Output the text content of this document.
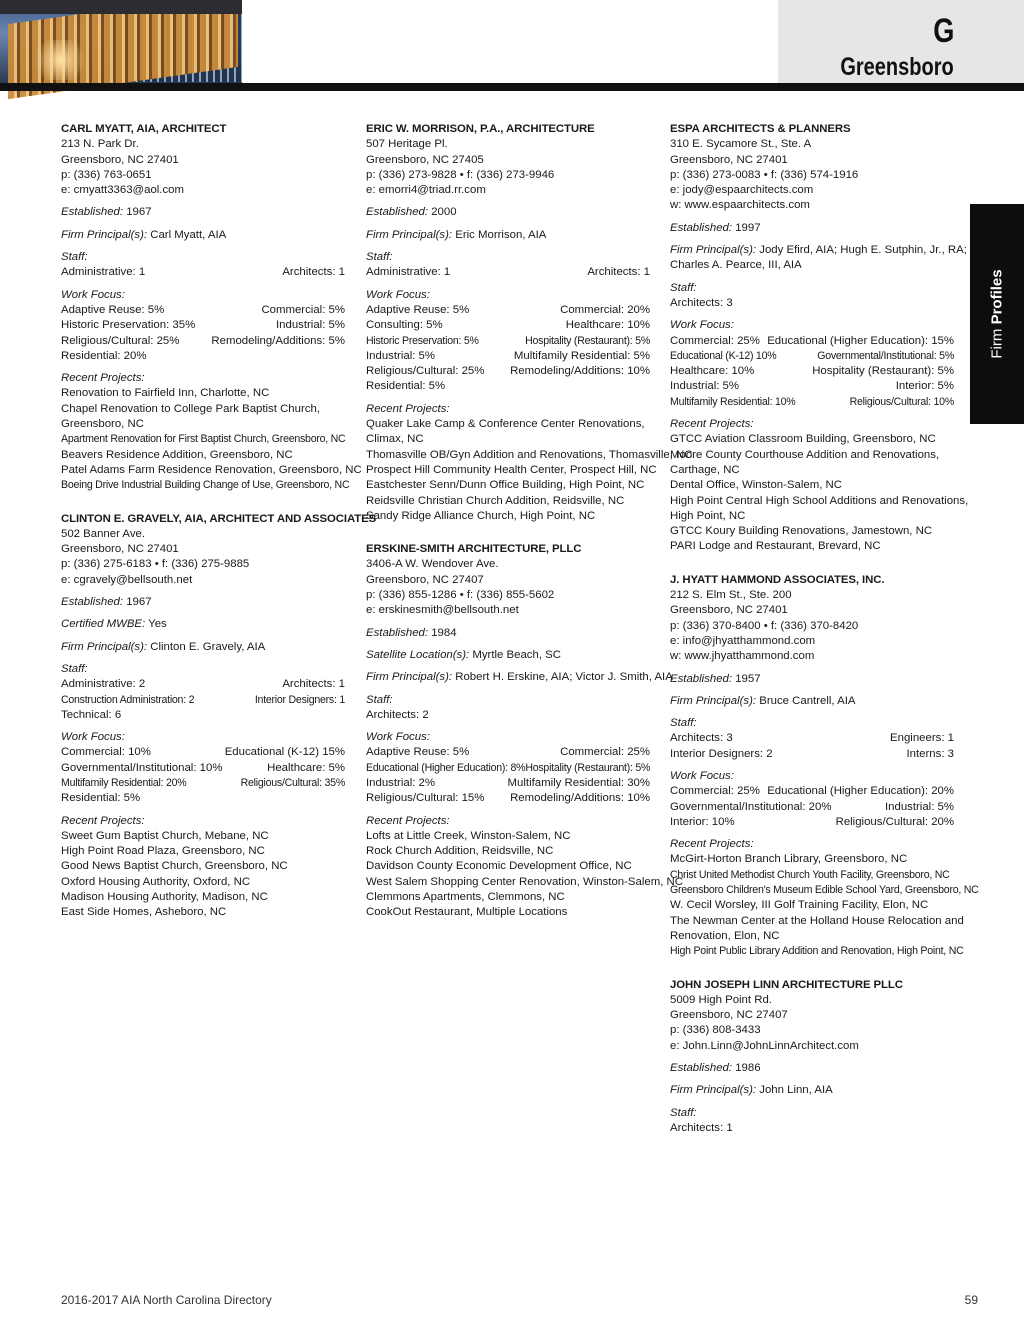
G
Greensboro
Firm Profiles
CARL MYATT, AIA, ARCHITECT
213 N. Park Dr.
Greensboro, NC 27401
p: (336) 763-0651
e: cmyatt3363@aol.com
Established: 1967
Firm Principal(s): Carl Myatt, AIA
Staff:
Administrative: 1	Architects: 1
Work Focus:
Adaptive Reuse: 5%	Commercial: 5%
Historic Preservation: 35%	Industrial: 5%
Religious/Cultural: 25%	Remodeling/Additions: 5%
Residential: 20%
Recent Projects:
Renovation to Fairfield Inn, Charlotte, NC
Chapel Renovation to College Park Baptist Church,
Greensboro, NC
Apartment Renovation for First Baptist Church, Greensboro, NC
Beavers Residence Addition, Greensboro, NC
Patel Adams Farm Residence Renovation, Greensboro, NC
Boeing Drive Industrial Building Change of Use, Greensboro, NC
CLINTON E. GRAVELY, AIA, ARCHITECT AND ASSOCIATES
502 Banner Ave.
Greensboro, NC 27401
p: (336) 275-6183 • f: (336) 275-9885
e: cgravely@bellsouth.net
Established: 1967
Certified MWBE: Yes
Firm Principal(s): Clinton E. Gravely, AIA
Staff:
Administrative: 2	Architects: 1
Construction Administration: 2	Interior Designers: 1
Technical: 6
Work Focus:
Commercial: 10%	Educational (K-12) 15%
Governmental/Institutional: 10%	Healthcare: 5%
Multifamily Residential: 20%	Religious/Cultural: 35%
Residential: 5%
Recent Projects:
Sweet Gum Baptist Church, Mebane, NC
High Point Road Plaza, Greensboro, NC
Good News Baptist Church, Greensboro, NC
Oxford Housing Authority, Oxford, NC
Madison Housing Authority, Madison, NC
East Side Homes, Asheboro, NC
ERIC W. MORRISON, P.A., ARCHITECTURE
507 Heritage Pl.
Greensboro, NC 27405
p: (336) 273-9828 • f: (336) 273-9946
e: emorri4@triad.rr.com
Established: 2000
Firm Principal(s): Eric Morrison, AIA
Staff:
Administrative: 1	Architects: 1
Work Focus:
Adaptive Reuse: 5%	Commercial: 20%
Consulting: 5%	Healthcare: 10%
Historic Preservation: 5%	Hospitality (Restaurant): 5%
Industrial: 5%	Multifamily Residential: 5%
Religious/Cultural: 25% Remodeling/Additions: 10%
Residential: 5%
Recent Projects:
Quaker Lake Camp & Conference Center Renovations,
Climax, NC
Thomasville OB/Gyn Addition and Renovations, Thomasville, NC
Prospect Hill Community Health Center, Prospect Hill, NC
Eastchester Senn/Dunn Office Building, High Point, NC
Reidsville Christian Church Addition, Reidsville, NC
Sandy Ridge Alliance Church, High Point, NC
ERSKINE-SMITH ARCHITECTURE, PLLC
3406-A W. Wendover Ave.
Greensboro, NC 27407
p: (336) 855-1286 • f: (336) 855-5602
e: erskinesmith@bellsouth.net
Established: 1984
Satellite Location(s): Myrtle Beach, SC
Firm Principal(s): Robert H. Erskine, AIA; Victor J. Smith, AIA
Staff:
Architects: 2
Work Focus:
Adaptive Reuse: 5%	Commercial: 25%
Educational (Higher Education): 8% Hospitality (Restaurant): 5%
Industrial: 2%	Multifamily Residential: 30%
Religious/Cultural: 15% Remodeling/Additions: 10%
Recent Projects:
Lofts at Little Creek, Winston-Salem, NC
Rock Church Addition, Reidsville, NC
Davidson County Economic Development Office, NC
West Salem Shopping Center Renovation, Winston-Salem, NC
Clemmons Apartments, Clemmons, NC
CookOut Restaurant, Multiple Locations
ESPA ARCHITECTS & PLANNERS
310 E. Sycamore St., Ste. A
Greensboro, NC 27401
p: (336) 273-0083 • f: (336) 574-1916
e: jody@espaarchitects.com
w: www.espaarchitects.com
Established: 1997
Firm Principal(s): Jody Efird, AIA; Hugh E. Sutphin, Jr., RA;
Charles A. Pearce, III, AIA
Staff:
Architects: 3
Work Focus:
Commercial: 25% Educational (Higher Education): 15%
Educational (K-12) 10%	Governmental/Institutional: 5%
Healthcare: 10%	Hospitality (Restaurant): 5%
Industrial: 5%	Interior: 5%
Multifamily Residential: 10%	Religious/Cultural: 10%
Recent Projects:
GTCC Aviation Classroom Building, Greensboro, NC
Moore County Courthouse Addition and Renovations,
Carthage, NC
Dental Office, Winston-Salem, NC
High Point Central High School Additions and Renovations,
High Point, NC
GTCC Koury Building Renovations, Jamestown, NC
PARI Lodge and Restaurant, Brevard, NC
J. HYATT HAMMOND ASSOCIATES, INC.
212 S. Elm St., Ste. 200
Greensboro, NC 27401
p: (336) 370-8400 • f: (336) 370-8420
e: info@jhyatthammond.com
w: www.jhyatthammond.com
Established: 1957
Firm Principal(s): Bruce Cantrell, AIA
Staff:
Architects: 3	Engineers: 1
Interior Designers: 2	Interns: 3
Work Focus:
Commercial: 25% Educational (Higher Education): 20%
Governmental/Institutional: 20%	Industrial: 5%
Interior: 10%	Religious/Cultural: 20%
Recent Projects:
McGirt-Horton Branch Library, Greensboro, NC
Christ United Methodist Church Youth Facility, Greensboro, NC
Greensboro Children's Museum Edible School Yard, Greensboro, NC
W. Cecil Worsley, III Golf Training Facility, Elon, NC
The Newman Center at the Holland House Relocation and
Renovation, Elon, NC
High Point Public Library Addition and Renovation, High Point, NC
JOHN JOSEPH LINN ARCHITECTURE PLLC
5009 High Point Rd.
Greensboro, NC 27407
p: (336) 808-3433
e: John.Linn@JohnLinnArchitect.com
Established: 1986
Firm Principal(s): John Linn, AIA
Staff:
Architects: 1
2016-2017 AIA North Carolina Directory	59
